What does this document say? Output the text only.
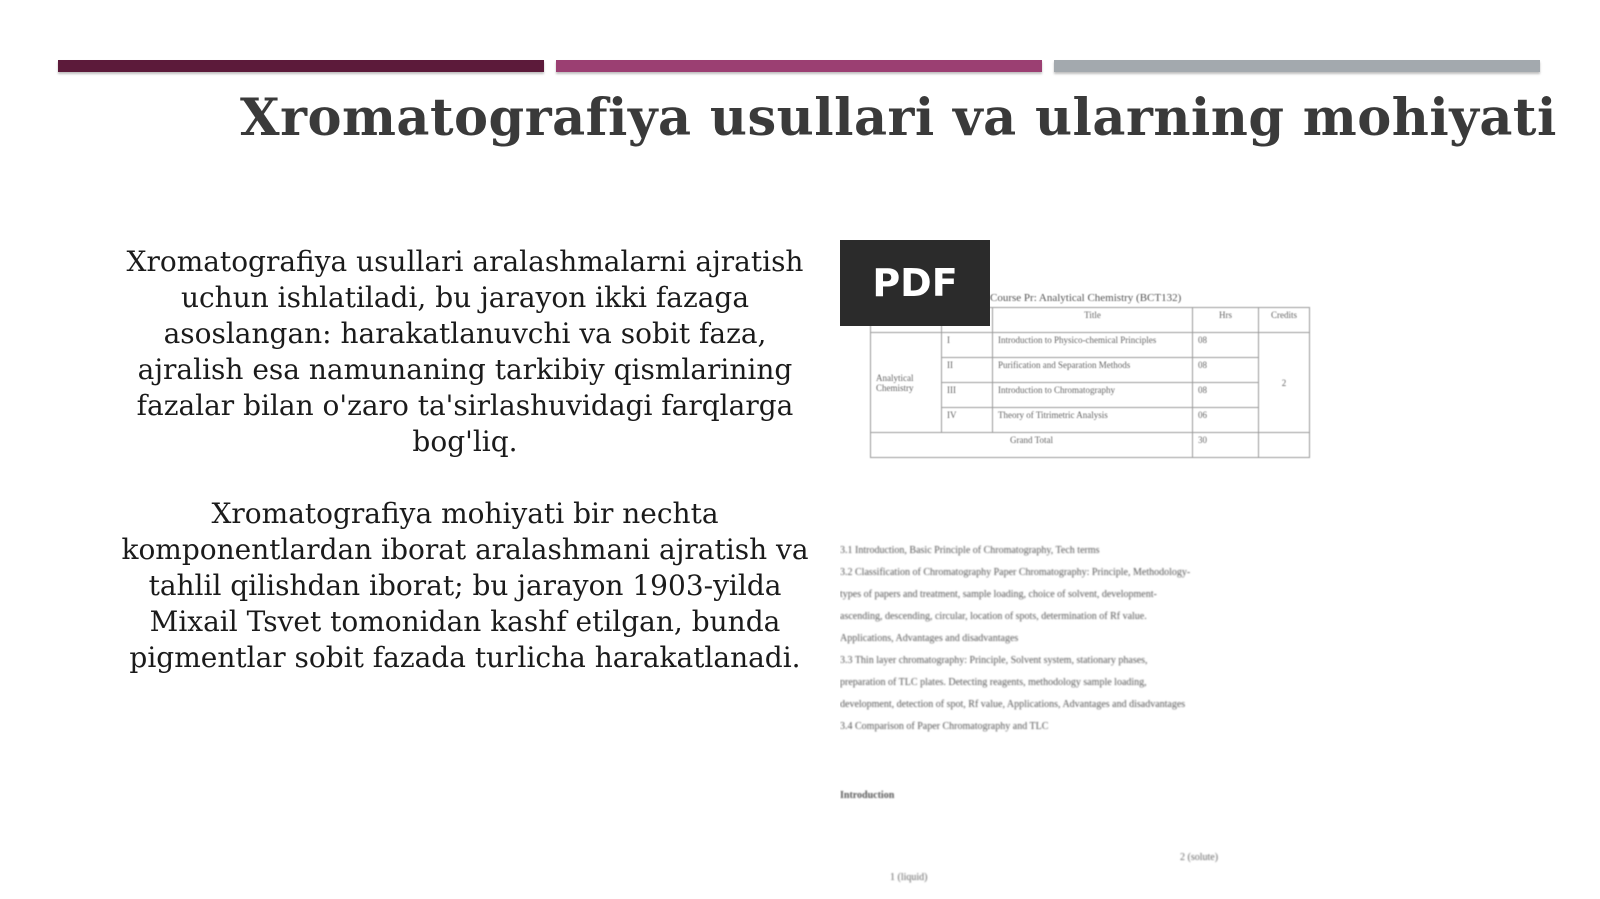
Xromatografiya usullari va ularning mohiyati

Xromatografiya usullari aralashmalarni ajratish uchun ishlatiladi, bu jarayon ikki fazaga asoslangan: harakatlanuvchi va sobit faza, ajralish esa namunaning tarkibiy qismlarining fazalar bilan o'zaro ta'sirlashuvidagi farqlarga bog'liq.

Xromatografiya mohiyati bir nechta komponentlardan iborat aralashmani ajratish va tahlil qilishdan iborat; bu jarayon 1903-yilda Mixail Tsvet tomonidan kashf etilgan, bunda pigmentlar sobit fazada turlicha harakatlanadi.

PDF	Course Pr: Analytical Chemistry (BCT132)
		Title	Hrs	Credits
Analytical Chemistry	I	Introduction to Physico-chemical Principles	08	2
	II	Purification and Separation Methods	08	
	III	Introduction to Chromatography	08	
	IV	Theory of Titrimetric Analysis	06	
Grand Total			30	
3.1 Introduction, Basic Principle of Chromatography, Tech terms
3.2 Classification of Chromatography Paper Chromatography: Principle, Methodology-
types of papers and treatment, sample loading, choice of solvent, development-
ascending, descending, circular, location of spots, determination of Rf value.
Applications, Advantages and disadvantages
3.3 Thin layer chromatography: Principle, Solvent system, stationary phases,
preparation of TLC plates. Detecting reagents, methodology sample loading,
development, detection of spot, Rf value, Applications, Advantages and disadvantages
3.4 Comparison of Paper Chromatography and TLC
Introduction
2 (solute)
1 (liquid)
